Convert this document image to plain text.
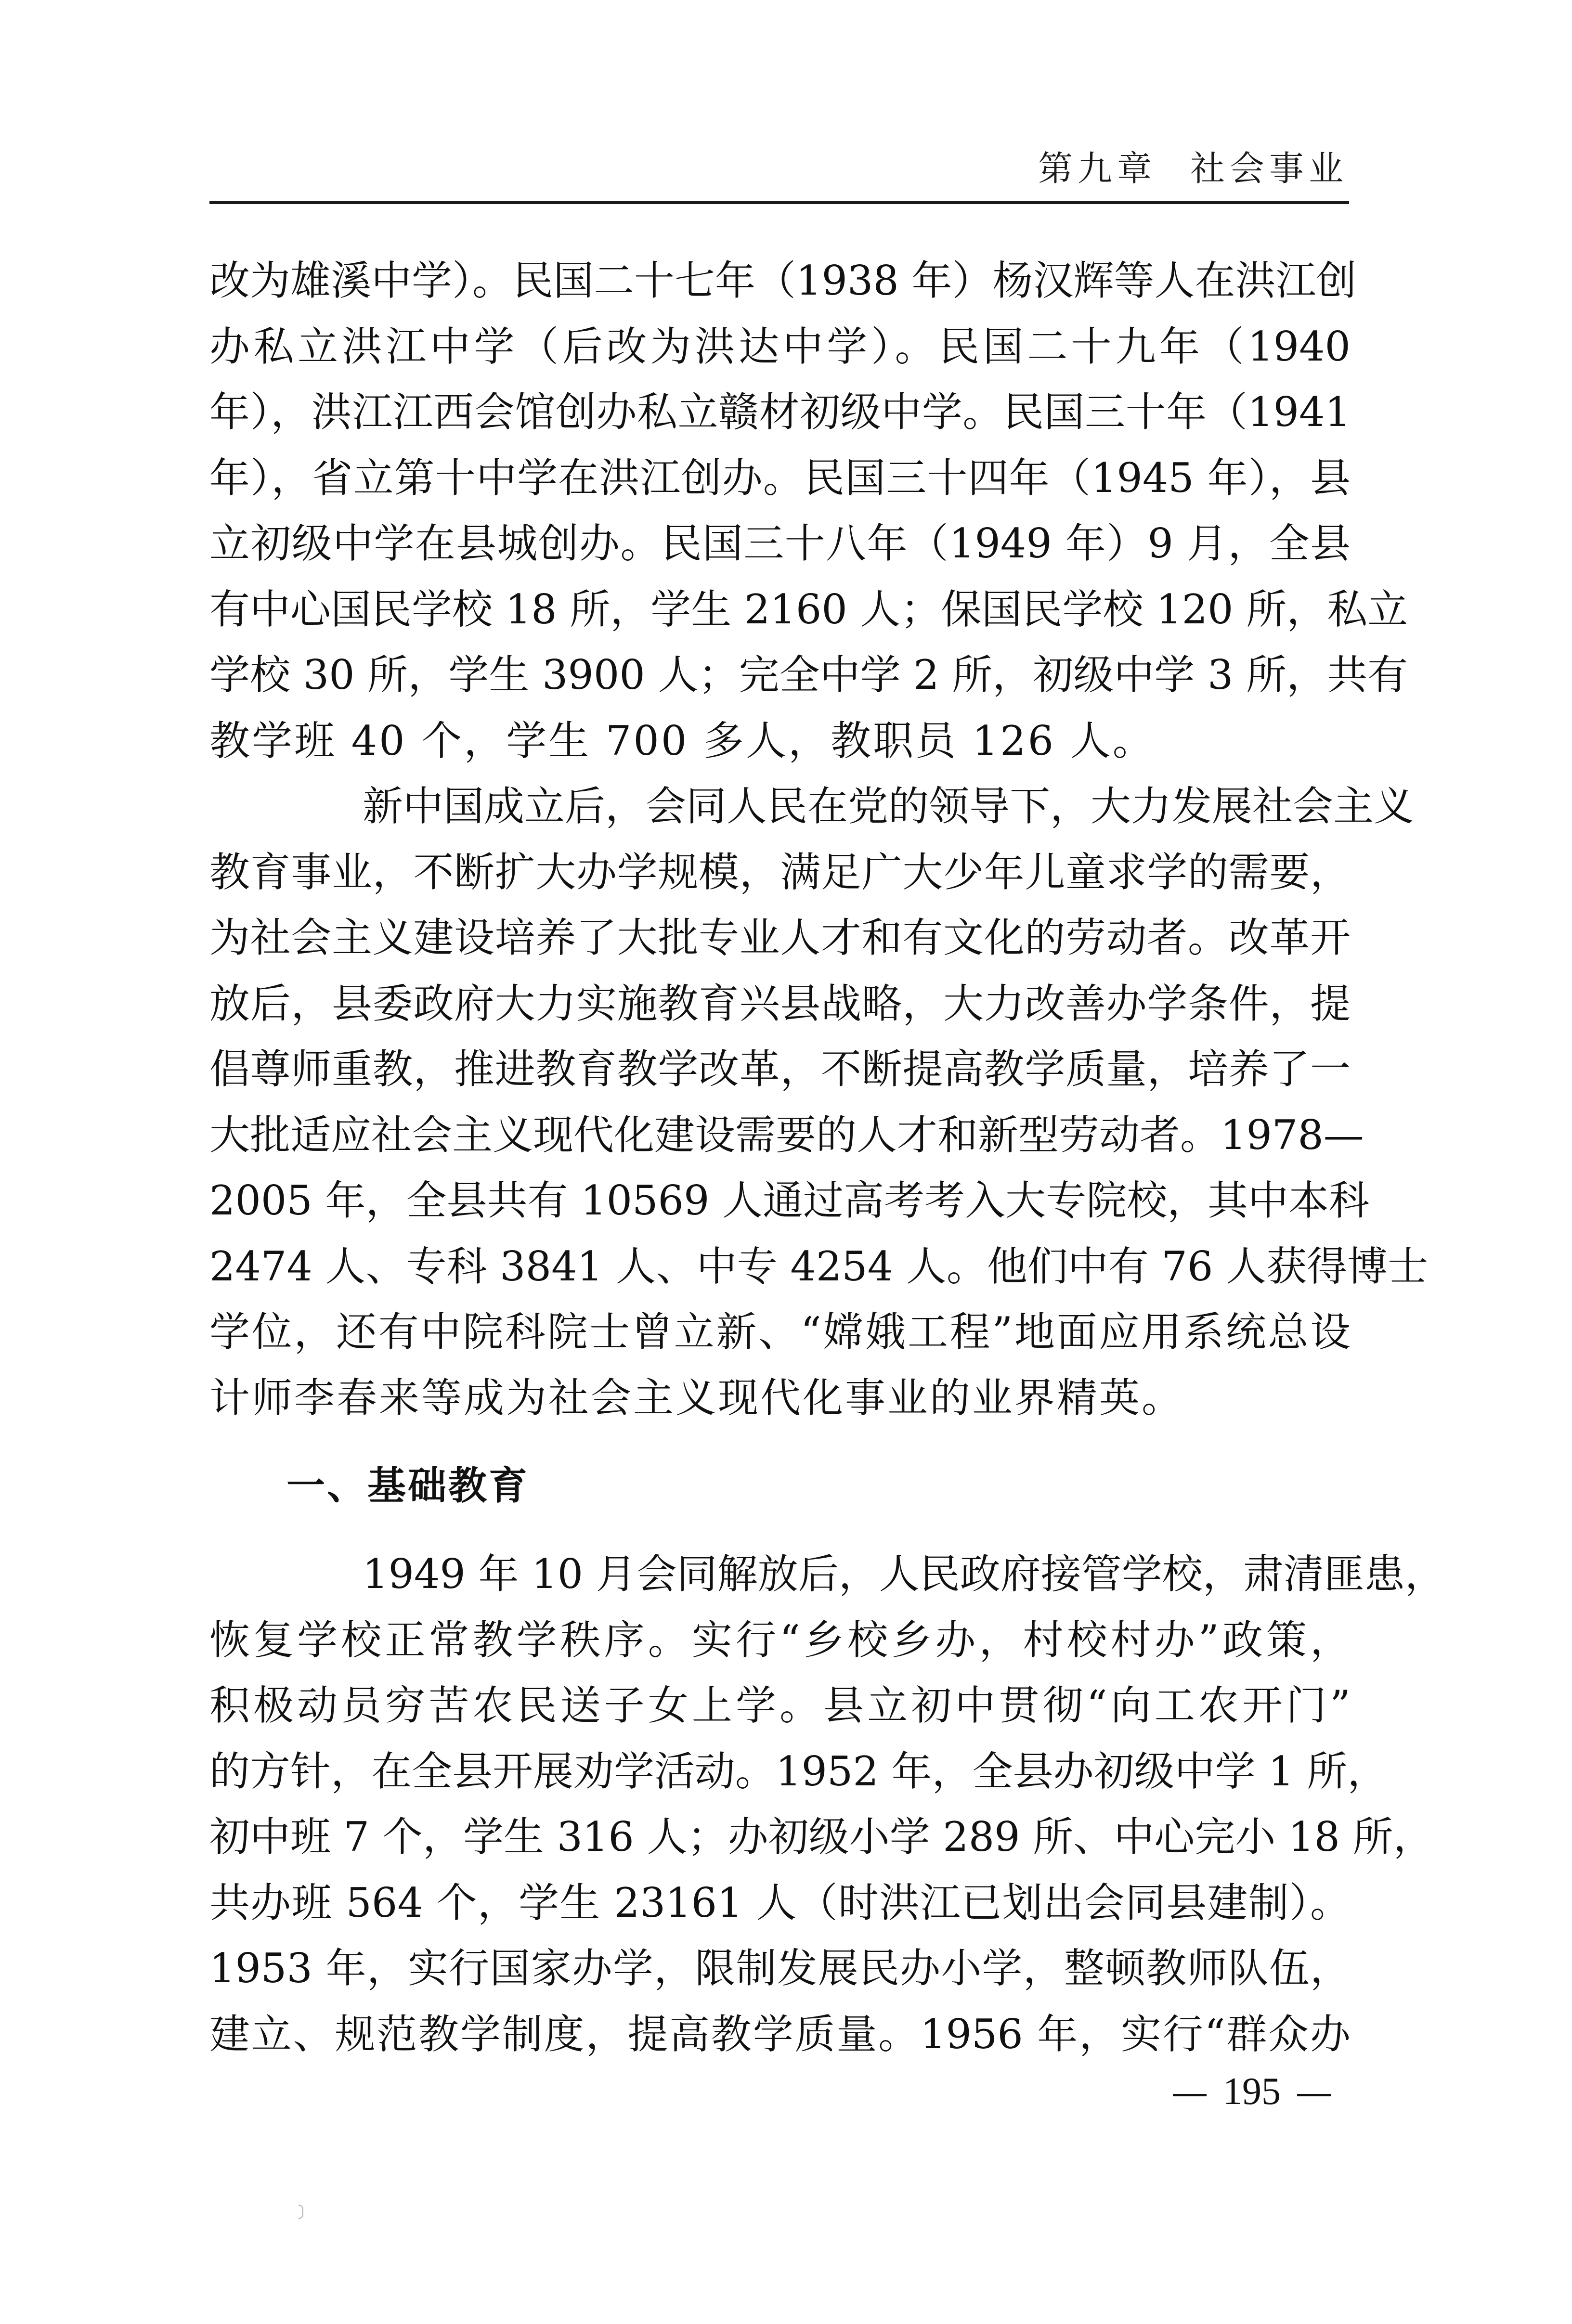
第九章 社会事业
改为雄溪中学）。民国二十七年（1938 年）杨汉辉等人在洪江创
办私立洪江中学（后改为洪达中学）。民国二十九年（1940
年），洪江江西会馆创办私立赣材初级中学。民国三十年（1941
年），省立第十中学在洪江创办。民国三十四年（1945 年），县
立初级中学在县城创办。民国三十八年（1949 年）9 月，全县
有中心国民学校 18 所，学生 2160 人；保国民学校 120 所，私立
学校 30 所，学生 3900 人；完全中学 2 所，初级中学 3 所，共有
教学班 40 个，学生 700 多人，教职员 126 人。
新中国成立后，会同人民在党的领导下，大力发展社会主义
教育事业，不断扩大办学规模，满足广大少年儿童求学的需要，
为社会主义建设培养了大批专业人才和有文化的劳动者。改革开
放后，县委政府大力实施教育兴县战略，大力改善办学条件，提
倡尊师重教，推进教育教学改革，不断提高教学质量，培养了一
大批适应社会主义现代化建设需要的人才和新型劳动者。1978—
2005 年，全县共有 10569 人通过高考考入大专院校，其中本科
2474 人、专科 3841 人、中专 4254 人。他们中有 76 人获得博士
学位，还有中院科院士曾立新、“嫦娥工程”地面应用系统总设
计师李春来等成为社会主义现代化事业的业界精英。
一、基础教育
1949 年 10 月会同解放后，人民政府接管学校，肃清匪患，
恢复学校正常教学秩序。实行“乡校乡办，村校村办”政策，
积极动员穷苦农民送子女上学。县立初中贯彻“向工农开门”
的方针，在全县开展劝学活动。1952 年，全县办初级中学 1 所，
初中班 7 个，学生 316 人；办初级小学 289 所、中心完小 18 所，
共办班 564 个，学生 23161 人（时洪江已划出会同县建制）。
1953 年，实行国家办学，限制发展民办小学，整顿教师队伍，
建立、规范教学制度，提高教学质量。1956 年，实行“群众办
195
